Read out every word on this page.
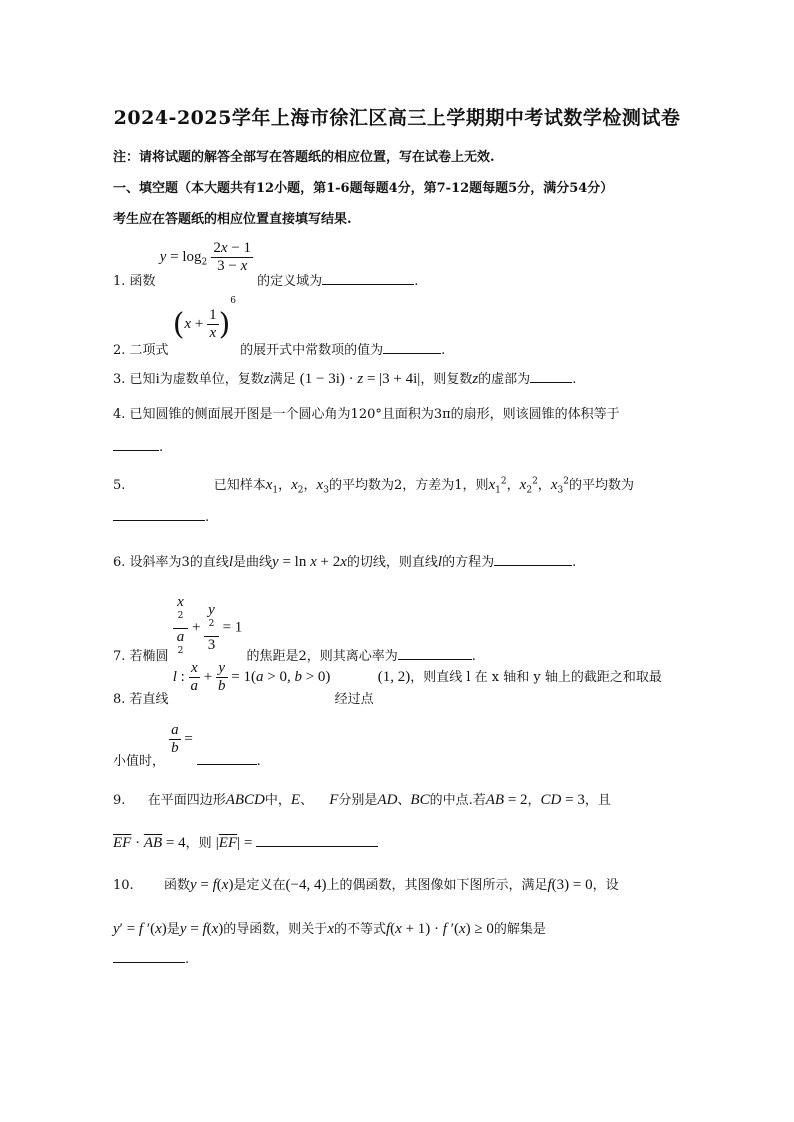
2024-2025学年上海市徐汇区高三上学期期中考试数学检测试卷
注：请将试题的解答全部写在答题纸的相应位置，写在试卷上无效.
一、填空题（本大题共有12小题，第1-6题每题4分，第7-12题每题5分，满分54分）
考生应在答题纸的相应位置直接填写结果.
1. 函数 $y = \log_2 \frac{2x - 1}{3 - x}$
的定义域为	.
2. 二项式 $(x + \frac{1}{x} )^6$ 的展开式中常数项的值为	.
3. 已知i为虚数单位，复数z满足 (1 − 3i) · z = |3 + 4i|，则复数z的虚部为	.
4. 已知圆锥的侧面展开图是一个圆心角为120°且面积为3π的扇形，则该圆锥的体积等于
.
5.	已知样本$x_1$，$x_2$，$x_3$的平均数为2，方差为1，则$x_1^2$，$x_2^2$，$x_3^2$的平均数为
.
6. 设斜率为3的直线l是曲线y = ln x + 2x的切线，则直线l的方程为	.
7. 若椭圆 x
$^2$
a
$^2$ + y
$^2$
3 = 1 的焦距是2，则其离心率为	.
8. 若直线 l : $\frac{x}{a} + \frac{y}{b} = 1(a > 0$, b > 0) 经过点 (1, 2)，则直线 l 在 x 轴和 y 轴上的截距之和取最
小值时，
$\frac{a}{b}$ = .
9. 在平面四边形ABCD中，E、 F分别是AD、BC的中点.若AB = 2，CD = 3，且
$\overline{EF} \cdot \overline{AB} = 4$，则 $|\overline{EF}|$ =
10. 函数y = f(x)是定义在(−4, 4)上的偶函数，其图像如下图所示，满足f(3) = 0，设
y′ = f ′(x)是y = f(x)的导函数，则关于x的不等式f(x + 1) · f ′(x) ≥ 0的解集是
.
